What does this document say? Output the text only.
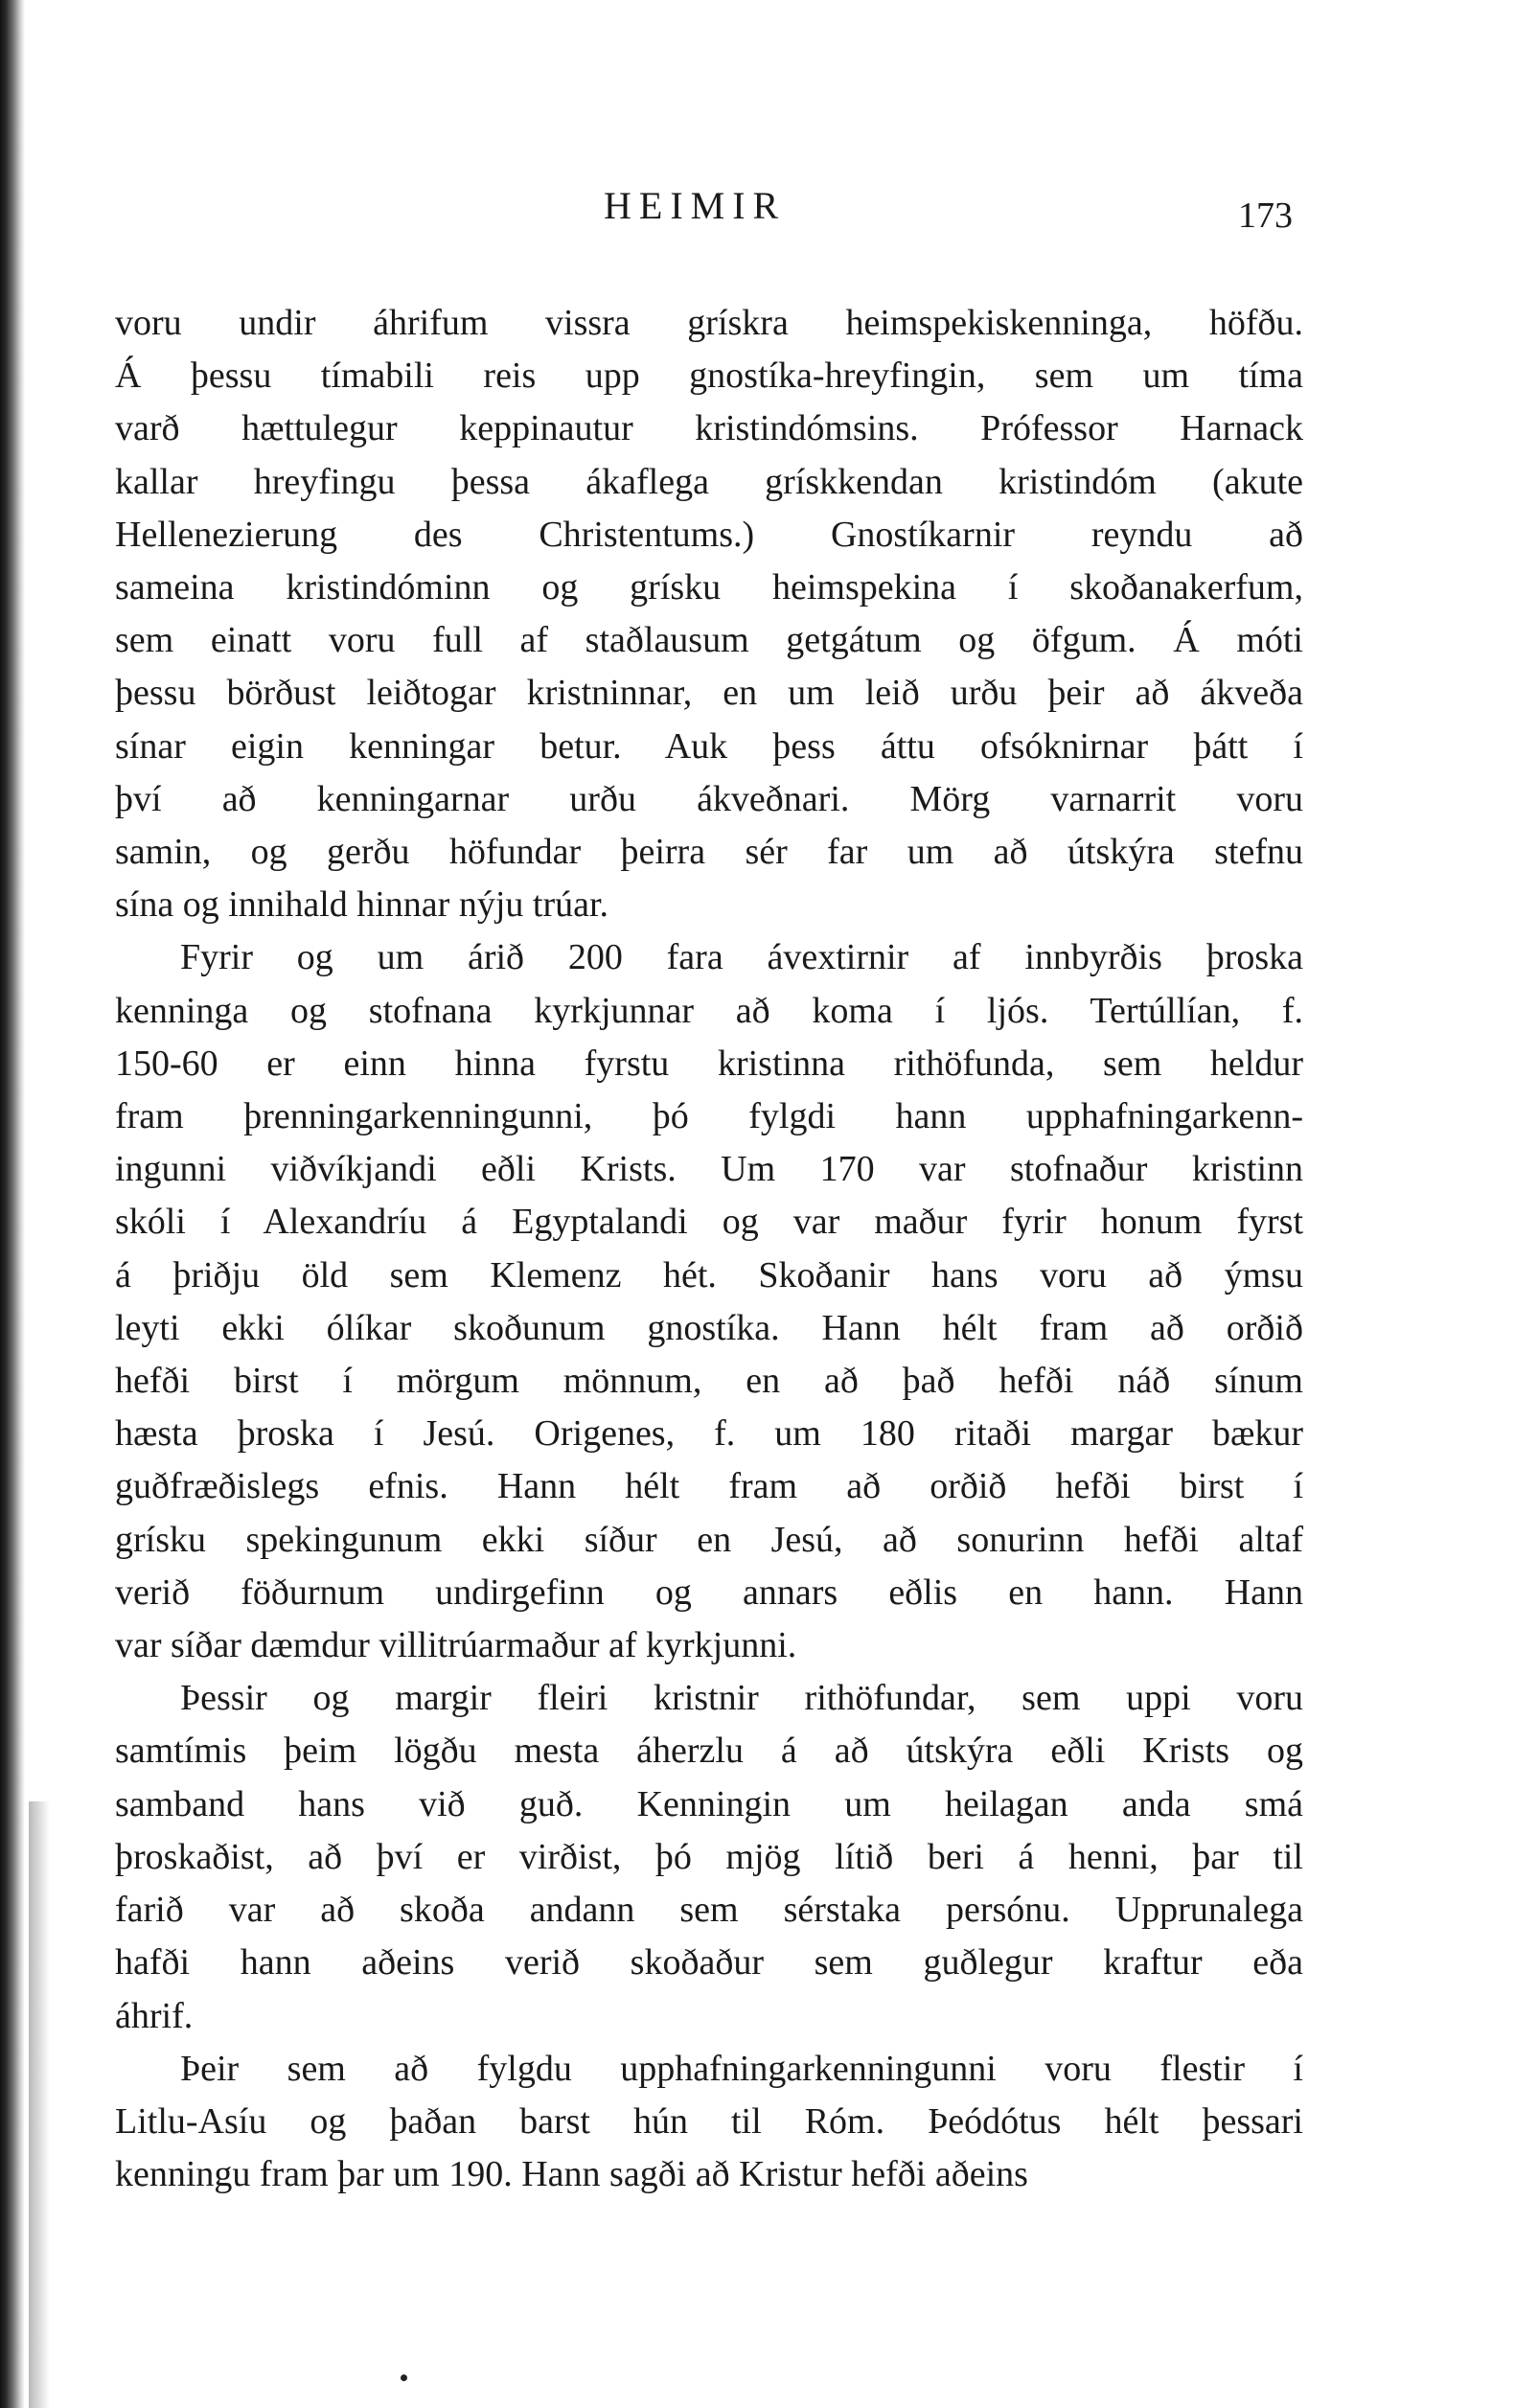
HEIMIR	173
voru undir áhrifum vissra grískra heimspekiskenninga, höfðu.
Á þessu tímabili reis upp gnostíka-hreyfingin, sem um tíma
varð hættulegur keppinautur kristindómsins. Prófessor Harnack
kallar hreyfingu þessa ákaflega grískkendan kristindóm (akute
Hellenezierung des Christentums.) Gnostíkarnir reyndu að
sameina kristindóminn og grísku heimspekina í skoðanakerfum,
sem einatt voru full af staðlausum getgátum og öfgum. Á móti
þessu börðust leiðtogar kristninnar, en um leið urðu þeir að ákveða
sínar eigin kenningar betur. Auk þess áttu ofsóknirnar þátt í
því að kenningarnar urðu ákveðnari. Mörg varnarrit voru
samin, og gerðu höfundar þeirra sér far um að útskýra stefnu
sína og innihald hinnar nýju trúar.
Fyrir og um árið 200 fara ávextirnir af innbyrðis þroska
kenninga og stofnana kyrkjunnar að koma í ljós. Tertúllían, f.
150-60 er einn hinna fyrstu kristinna rithöfunda, sem heldur
fram þrenningarkenningunni, þó fylgdi hann upphafningarkenn-
ingunni viðvíkjandi eðli Krists. Um 170 var stofnaður kristinn
skóli í Alexandríu á Egyptalandi og var maður fyrir honum fyrst
á þriðju öld sem Klemenz hét. Skoðanir hans voru að ýmsu
leyti ekki ólíkar skoðunum gnostíka. Hann hélt fram að orðið
hefði birst í mörgum mönnum, en að það hefði náð sínum
hæsta þroska í Jesú. Origenes, f. um 180 ritaði margar bækur
guðfræðislegs efnis. Hann hélt fram að orðið hefði birst í
grísku spekingunum ekki síður en Jesú, að sonurinn hefði altaf
verið föðurnum undirgefinn og annars eðlis en hann. Hann
var síðar dæmdur villitrúarmaður af kyrkjunni.
Þessir og margir fleiri kristnir rithöfundar, sem uppi voru
samtímis þeim lögðu mesta áherzlu á að útskýra eðli Krists og
samband hans við guð. Kenningin um heilagan anda smá
þroskaðist, að því er virðist, þó mjög lítið beri á henni, þar til
farið var að skoða andann sem sérstaka persónu. Upprunalega
hafði hann aðeins verið skoðaður sem guðlegur kraftur eða
áhrif.
Þeir sem að fylgdu upphafningarkenningunni voru flestir í
Litlu-Asíu og þaðan barst hún til Róm. Þeódótus hélt þessari
kenningu fram þar um 190. Hann sagði að Kristur hefði aðeins
